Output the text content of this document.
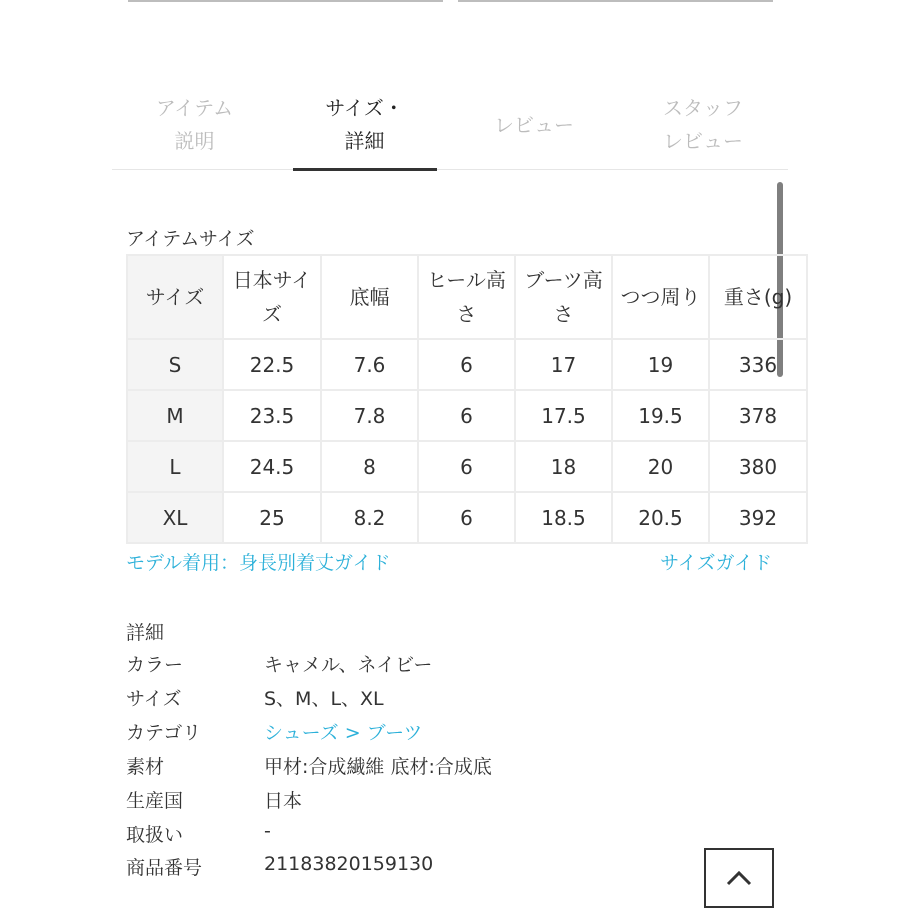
アイテム
説明
サイズ・
詳細
レビュー
スタッフ
レビュー
アイテムサイズ
サイズ	日本サイズ	底幅	ヒール高さ	ブーツ高さ	つつ周り	重さ(g)
S	22.5	7.6	6	17	19	336
M	23.5	7.8	6	17.5	19.5	378
L	24.5	8	6	18	20	380
XL	25	8.2	6	18.5	20.5	392
モデル着用：身長別着丈ガイド	サイズガイド
詳細
カラー	キャメル、ネイビー
サイズ	S、M、L、XL
カテゴリ	シューズ > ブーツ
素材	甲材:合成繊維 底材:合成底
生産国	日本
取扱い	-
商品番号	21183820159130
